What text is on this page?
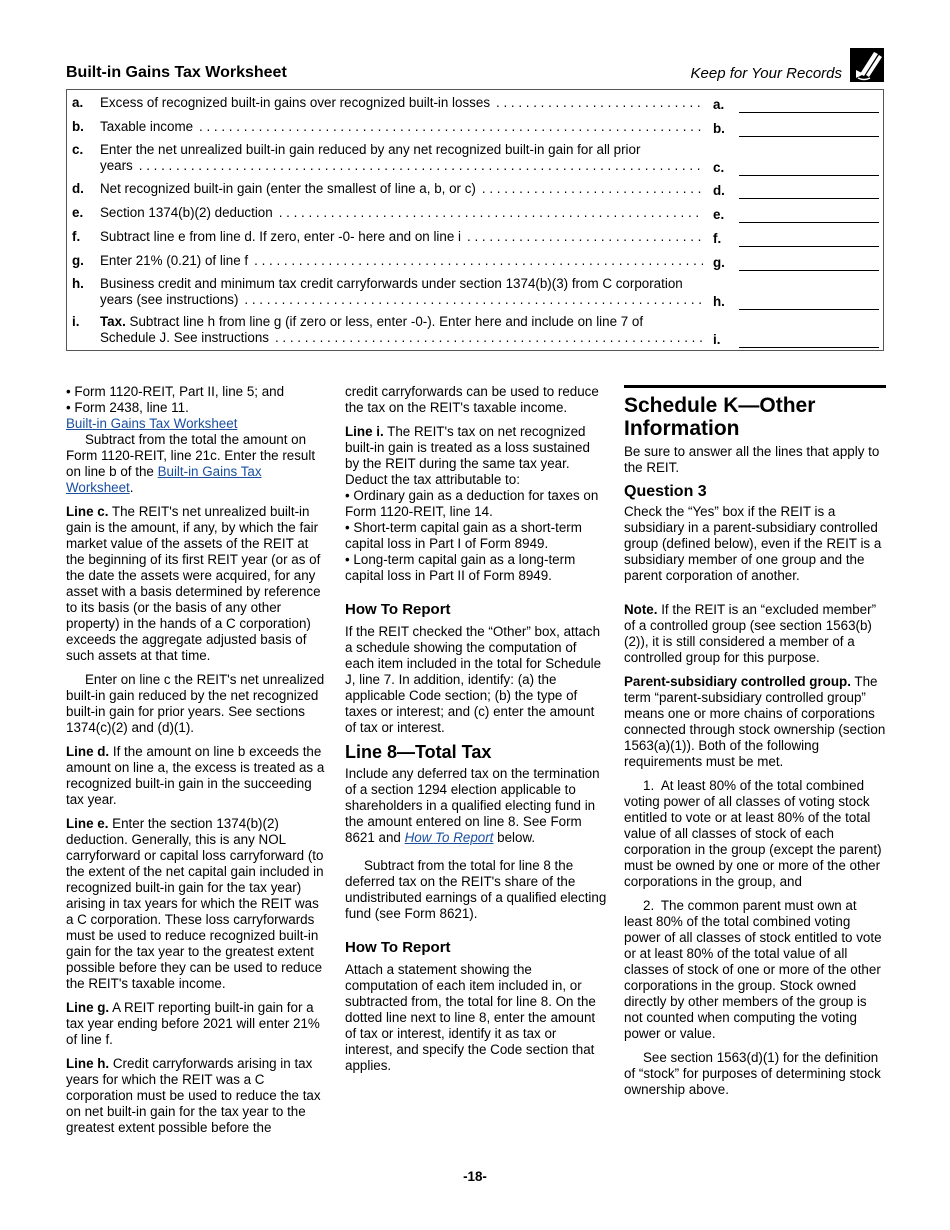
Built-in Gains Tax Worksheet	Keep for Your Records
a. Excess of recognized built-in gains over recognized built-in losses . . .	a.
b. Taxable income . . .	b.
c. Enter the net unrealized built-in gain reduced by any net recognized built-in gain for all prior
years . . .	c.
d. Net recognized built-in gain (enter the smallest of line a, b, or c) . . .	d.
e. Section 1374(b)(2) deduction . . .	e.
f. Subtract line e from line d. If zero, enter -0- here and on line i . . .	f.
g. Enter 21% (0.21) of line f . . .	g.
h. Business credit and minimum tax credit carryforwards under section 1374(b)(3) from C corporation
years (see instructions) . . .	h.
i. Tax. Subtract line h from line g (if zero or less, enter -0-). Enter here and include on line 7 of
Schedule J. See instructions . . .	i.

• Form 1120-REIT, Part II, line 5; and

• Form 2438, line 11.

Built-in Gains Tax Worksheet

Subtract from the total the amount on Form 1120-REIT, line 21c. Enter the result on line b of the Built-in Gains Tax Worksheet.

Line c. The REIT's net unrealized built-in gain is the amount, if any, by which the fair market value of the assets of the REIT at the beginning of its first REIT year (or as of the date the assets were acquired, for any asset with a basis determined by reference to its basis (or the basis of any other property) in the hands of a C corporation) exceeds the aggregate adjusted basis of such assets at that time.

Enter on line c the REIT's net unrealized built-in gain reduced by the net recognized built-in gain for prior years. See sections 1374(c)(2) and (d)(1).

Line d. If the amount on line b exceeds the amount on line a, the excess is treated as a recognized built-in gain in the succeeding tax year.

Line e. Enter the section 1374(b)(2) deduction. Generally, this is any NOL carryforward or capital loss carryforward (to the extent of the net capital gain included in recognized built-in gain for the tax year) arising in tax years for which the REIT was a C corporation. These loss carryforwards must be used to reduce recognized built-in gain for the tax year to the greatest extent possible before they can be used to reduce the REIT's taxable income.

Line g. A REIT reporting built-in gain for a tax year ending before 2021 will enter 21% of line f.

Line h. Credit carryforwards arising in tax years for which the REIT was a C corporation must be used to reduce the tax on net built-in gain for the tax year to the greatest extent possible before the

credit carryforwards can be used to reduce the tax on the REIT's taxable income.

Line i. The REIT's tax on net recognized built-in gain is treated as a loss sustained by the REIT during the same tax year. Deduct the tax attributable to:

• Ordinary gain as a deduction for taxes on Form 1120-REIT, line 14.

• Short-term capital gain as a short-term capital loss in Part I of Form 8949.

• Long-term capital gain as a long-term capital loss in Part II of Form 8949.

How To Report

If the REIT checked the “Other” box, attach a schedule showing the computation of each item included in the total for Schedule J, line 7. In addition, identify: (a) the applicable Code section; (b) the type of taxes or interest; and (c) enter the amount of tax or interest.

Line 8—Total Tax

Include any deferred tax on the termination of a section 1294 election applicable to shareholders in a qualified electing fund in the amount entered on line 8. See Form 8621 and How To Report below.

Subtract from the total for line 8 the deferred tax on the REIT's share of the undistributed earnings of a qualified electing fund (see Form 8621).

How To Report

Attach a statement showing the computation of each item included in, or subtracted from, the total for line 8. On the dotted line next to line 8, enter the amount of tax or interest, identify it as tax or interest, and specify the Code section that applies.

Schedule K—Other Information

Be sure to answer all the lines that apply to the REIT.

Question 3

Check the “Yes” box if the REIT is a subsidiary in a parent-subsidiary controlled group (defined below), even if the REIT is a subsidiary member of one group and the parent corporation of another.

Note. If the REIT is an “excluded member” of a controlled group (see section 1563(b)(2)), it is still considered a member of a controlled group for this purpose.

Parent-subsidiary controlled group. The term “parent-subsidiary controlled group” means one or more chains of corporations connected through stock ownership (section 1563(a)(1)). Both of the following requirements must be met.

1. At least 80% of the total combined voting power of all classes of voting stock entitled to vote or at least 80% of the total value of all classes of stock of each corporation in the group (except the parent) must be owned by one or more of the other corporations in the group, and

2. The common parent must own at least 80% of the total combined voting power of all classes of stock entitled to vote or at least 80% of the total value of all classes of stock of one or more of the other corporations in the group. Stock owned directly by other members of the group is not counted when computing the voting power or value.

See section 1563(d)(1) for the definition of “stock” for purposes of determining stock ownership above.

-18-
